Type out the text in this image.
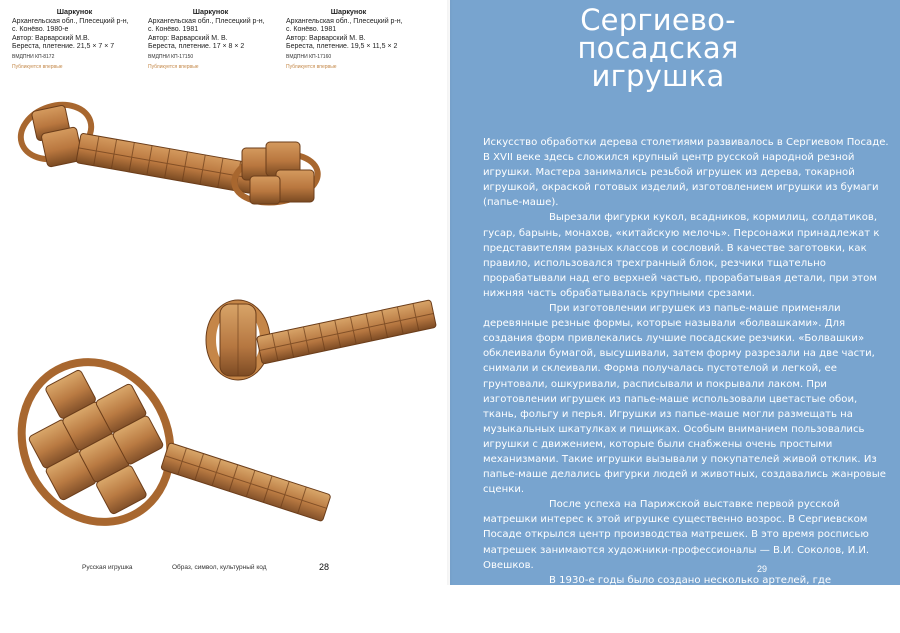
Шаркунок
Архангельская обл., Плесецкий р-н,
с. Конёво. 1980-е
Автор: Варварский М.В.
Береста, плетение. 21,5 × 7 × 7
ВМДПНИ КП-8172
Публикуется впервые
Шаркунок
Архангельская обл., Плесецкий р-н,
с. Конёво. 1981
Автор: Варварский М. В.
Береста, плетение. 17 × 8 × 2
ВМДПНИ КП-17150
Публикуется впервые
Шаркунок
Архангельская обл., Плесецкий р-н,
с. Конёво. 1981
Автор: Варварский М. В.
Береста, плетение. 19,5 × 11,5 × 2
ВМДПНИ КП-17160
Публикуется впервые
Русская игрушка	Образ, символ, культурный код	28
Сергиево-
посадская
игрушка

Искусство обработки дерева столетиями развивалось в Сергиевом Посаде. В XVII веке здесь сложился крупный центр русской народной резной игрушки. Мастера занимались резьбой игрушек из дерева, токарной игрушкой, окраской готовых изделий, изготовлением игрушки из бумаги (папье-маше).

Вырезали фигурки кукол, всадников, кормилиц, солдатиков, гусар, барынь, монахов, «китайскую мелочь». Персонажи принадлежат к представителям разных классов и сословий. В качестве заготовки, как правило, использовался трехгранный блок, резчики тщательно прорабатывали над его верхней частью, прорабатывая детали, при этом нижняя часть обрабатывалась крупными срезами.

При изготовлении игрушек из папье-маше применяли деревянные резные формы, которые называли «болвашками». Для создания форм привлекались лучшие посадские резчики. «Болвашки» обклеивали бумагой, высушивали, затем форму разрезали на две части, снимали и склеивали. Форма получалась пустотелой и легкой, ее грунтовали, ошкуривали, расписывали и покрывали лаком. При изготовлении игрушек из папье-маше использовали цветастые обои, ткань, фольгу и перья. Игрушки из папье-маше могли размещать на музыкальных шкатулках и пищиках. Особым вниманием пользовались игрушки с движением, которые были снабжены очень простыми механизмами. Такие игрушки вызывали у покупателей живой отклик. Из папье-маше делались фигурки людей и животных, создавались жанровые сценки.

После успеха на Парижской выставке первой русской матрешки интерес к этой игрушке существенно возрос. В Сергиевском Посаде открылся центр производства матрешек. В это время росписью матрешек занимаются художники-профессионалы — В.И. Соколов, И.И. Овешков.

В 1930-е годы было создано несколько артелей, где утвердился поточный метод росписи. Традиционный тип сергиево-посадской матрешки — в виде крестьянки — матери семейства в сарафане,

29
